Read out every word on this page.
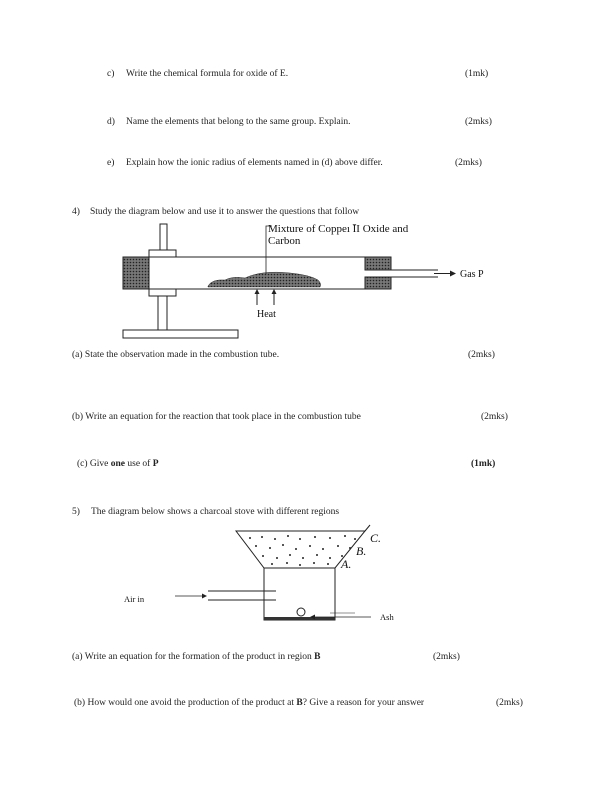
c) Write the chemical formula for oxide of E.	(1mk)
d) Name the elements that belong to the same group. Explain.	(2mks)
e) Explain how the ionic radius of elements named in (d) above differ.	(2mks)
4) Study the diagram below and use it to answer the questions that follow
Mixture of Coppeı ĪI Oxide and
Carbon
Gas P
Heat
(a) State the observation made in the combustion tube.	(2mks)
(b) Write an equation for the reaction that took place in the combustion tube	(2mks)
(c) Give one use of P	(1mk)
5) The diagram below shows a charcoal stove with different regions
C.
B.
A.
Air in
Ash
(a) Write an equation for the formation of the product in region B	(2mks)
(b) How would one avoid the production of the product at B? Give a reason for your answer	(2mks)
